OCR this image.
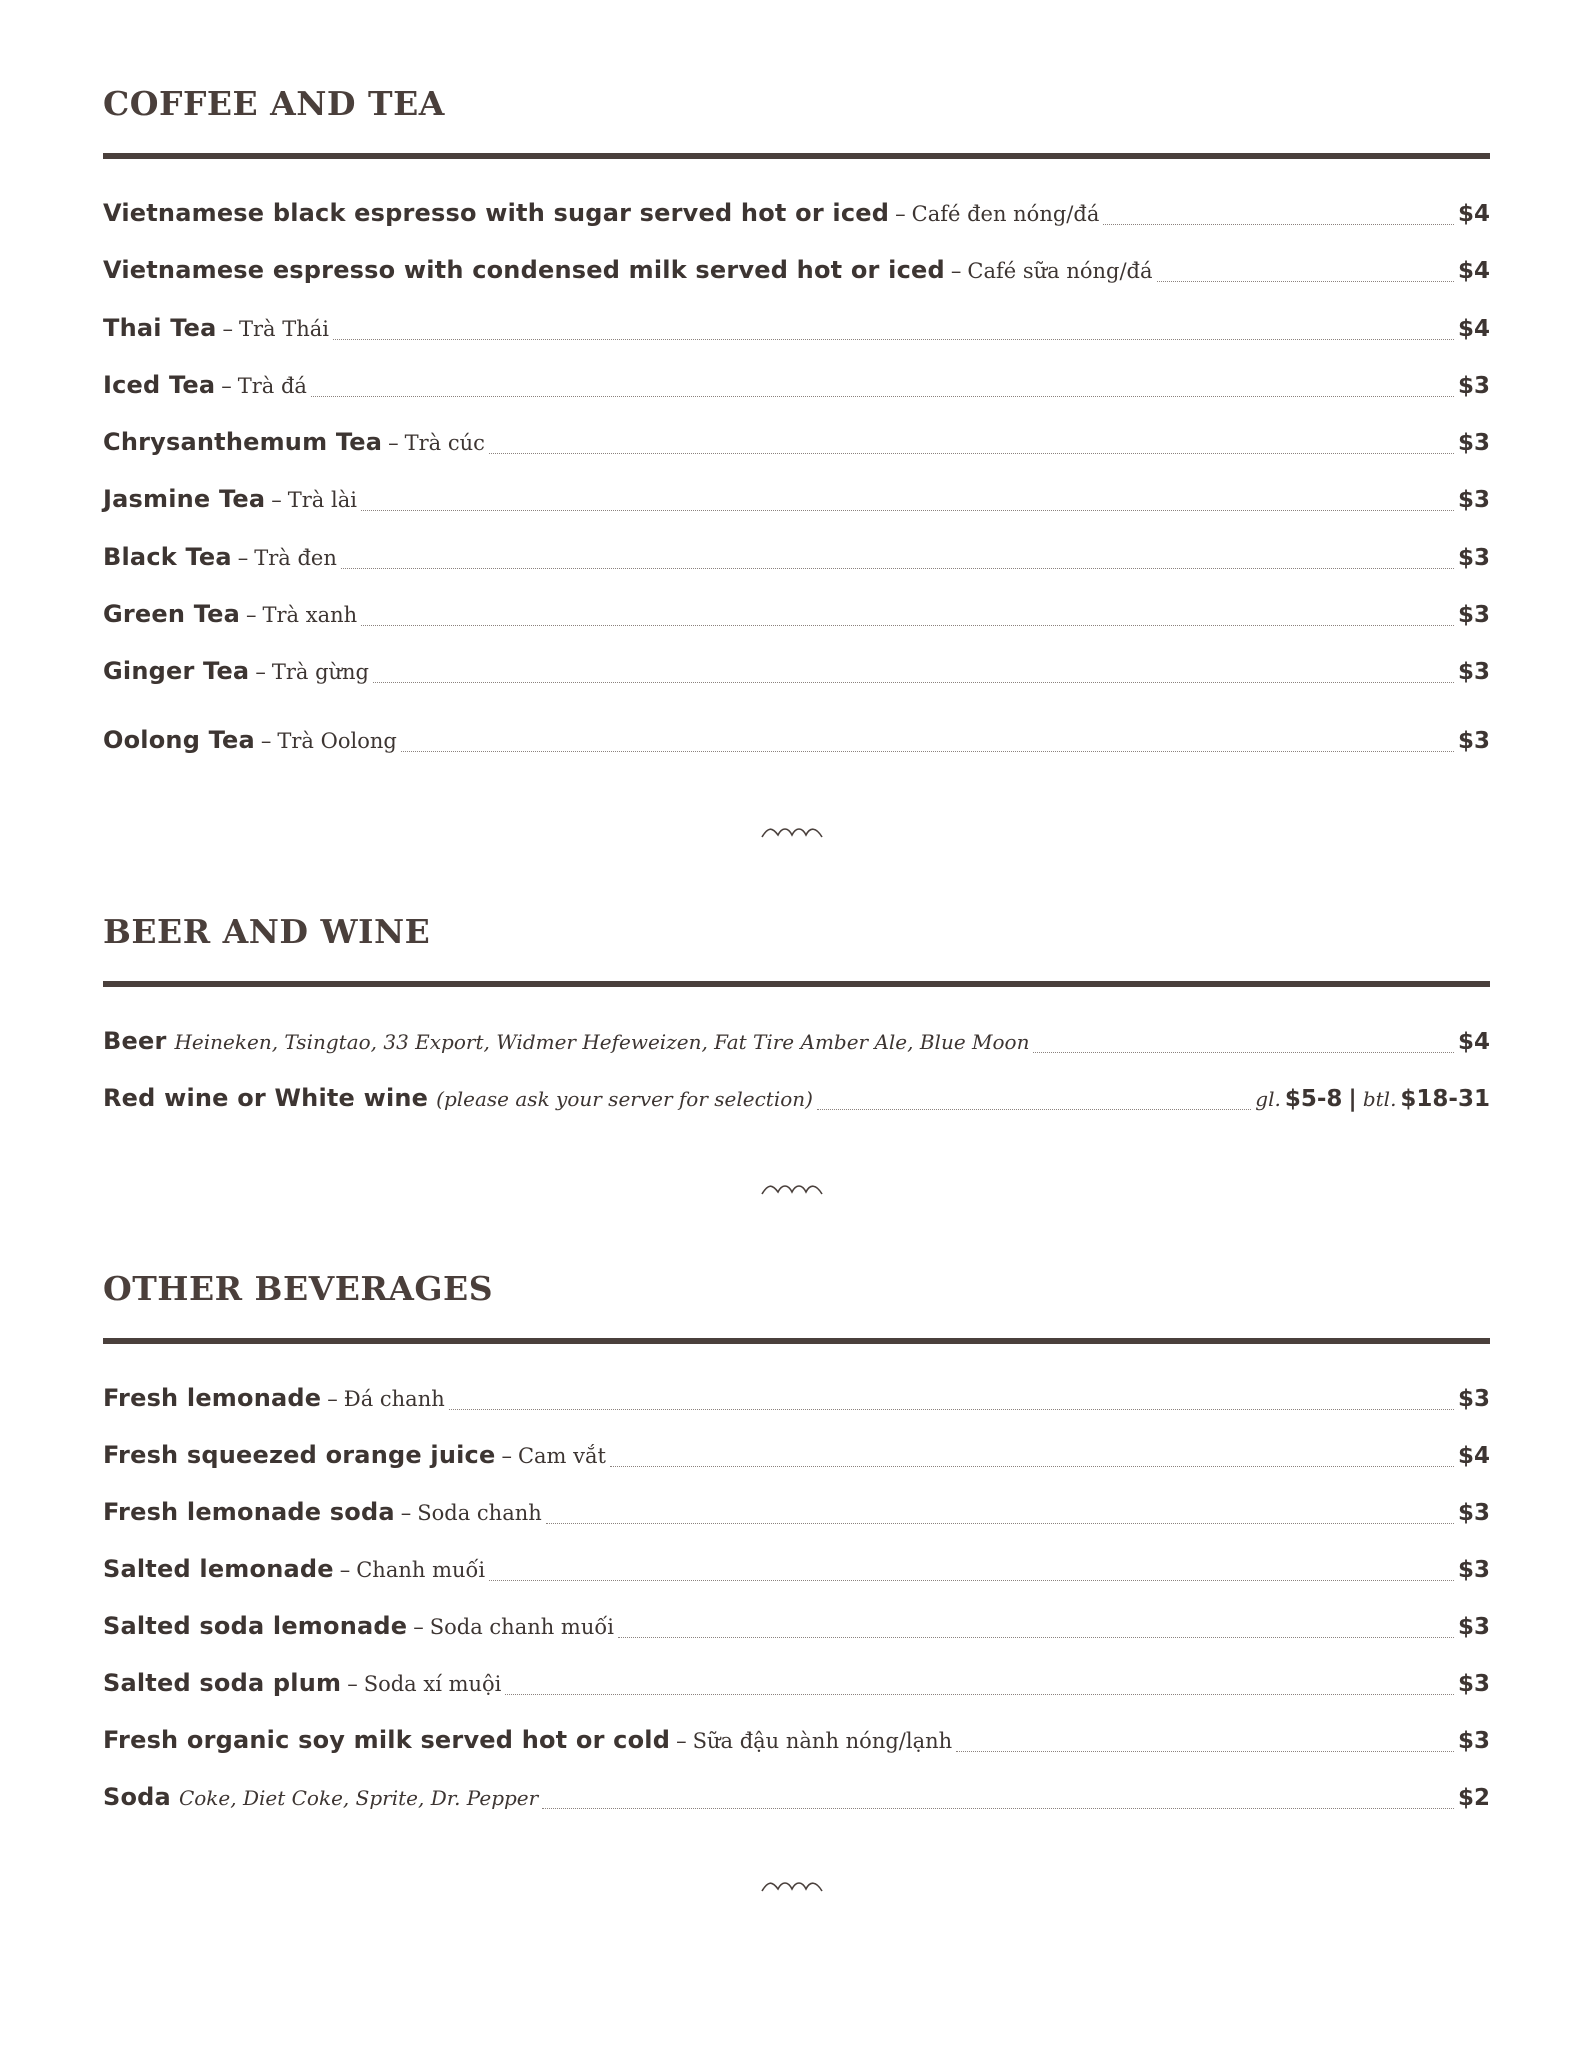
COFFEE AND TEA
Vietnamese black espresso with sugar served hot or iced – Café đen nóng/đá	$4
Vietnamese espresso with condensed milk served hot or iced – Café sữa nóng/đá	$4
Thai Tea – Trà Thái	$4
Iced Tea – Trà đá	$3
Chrysanthemum Tea – Trà cúc	$3
Jasmine Tea – Trà lài	$3
Black Tea – Trà đen	$3
Green Tea – Trà xanh	$3
Ginger Tea – Trà gừng	$3
Oolong Tea – Trà Oolong	$3
BEER AND WINE
Beer Heineken, Tsingtao, 33 Export, Widmer Hefeweizen, Fat Tire Amber Ale, Blue Moon	$4
Red wine or White wine (please ask your server for selection)	gl. $5-8 | btl. $18-31
OTHER BEVERAGES
Fresh lemonade – Đá chanh	$3
Fresh squeezed orange juice – Cam vắt	$4
Fresh lemonade soda – Soda chanh	$3
Salted lemonade – Chanh muối	$3
Salted soda lemonade – Soda chanh muối	$3
Salted soda plum – Soda xí muội	$3
Fresh organic soy milk served hot or cold – Sữa đậu nành nóng/lạnh	$3
Soda Coke, Diet Coke, Sprite, Dr. Pepper	$2
